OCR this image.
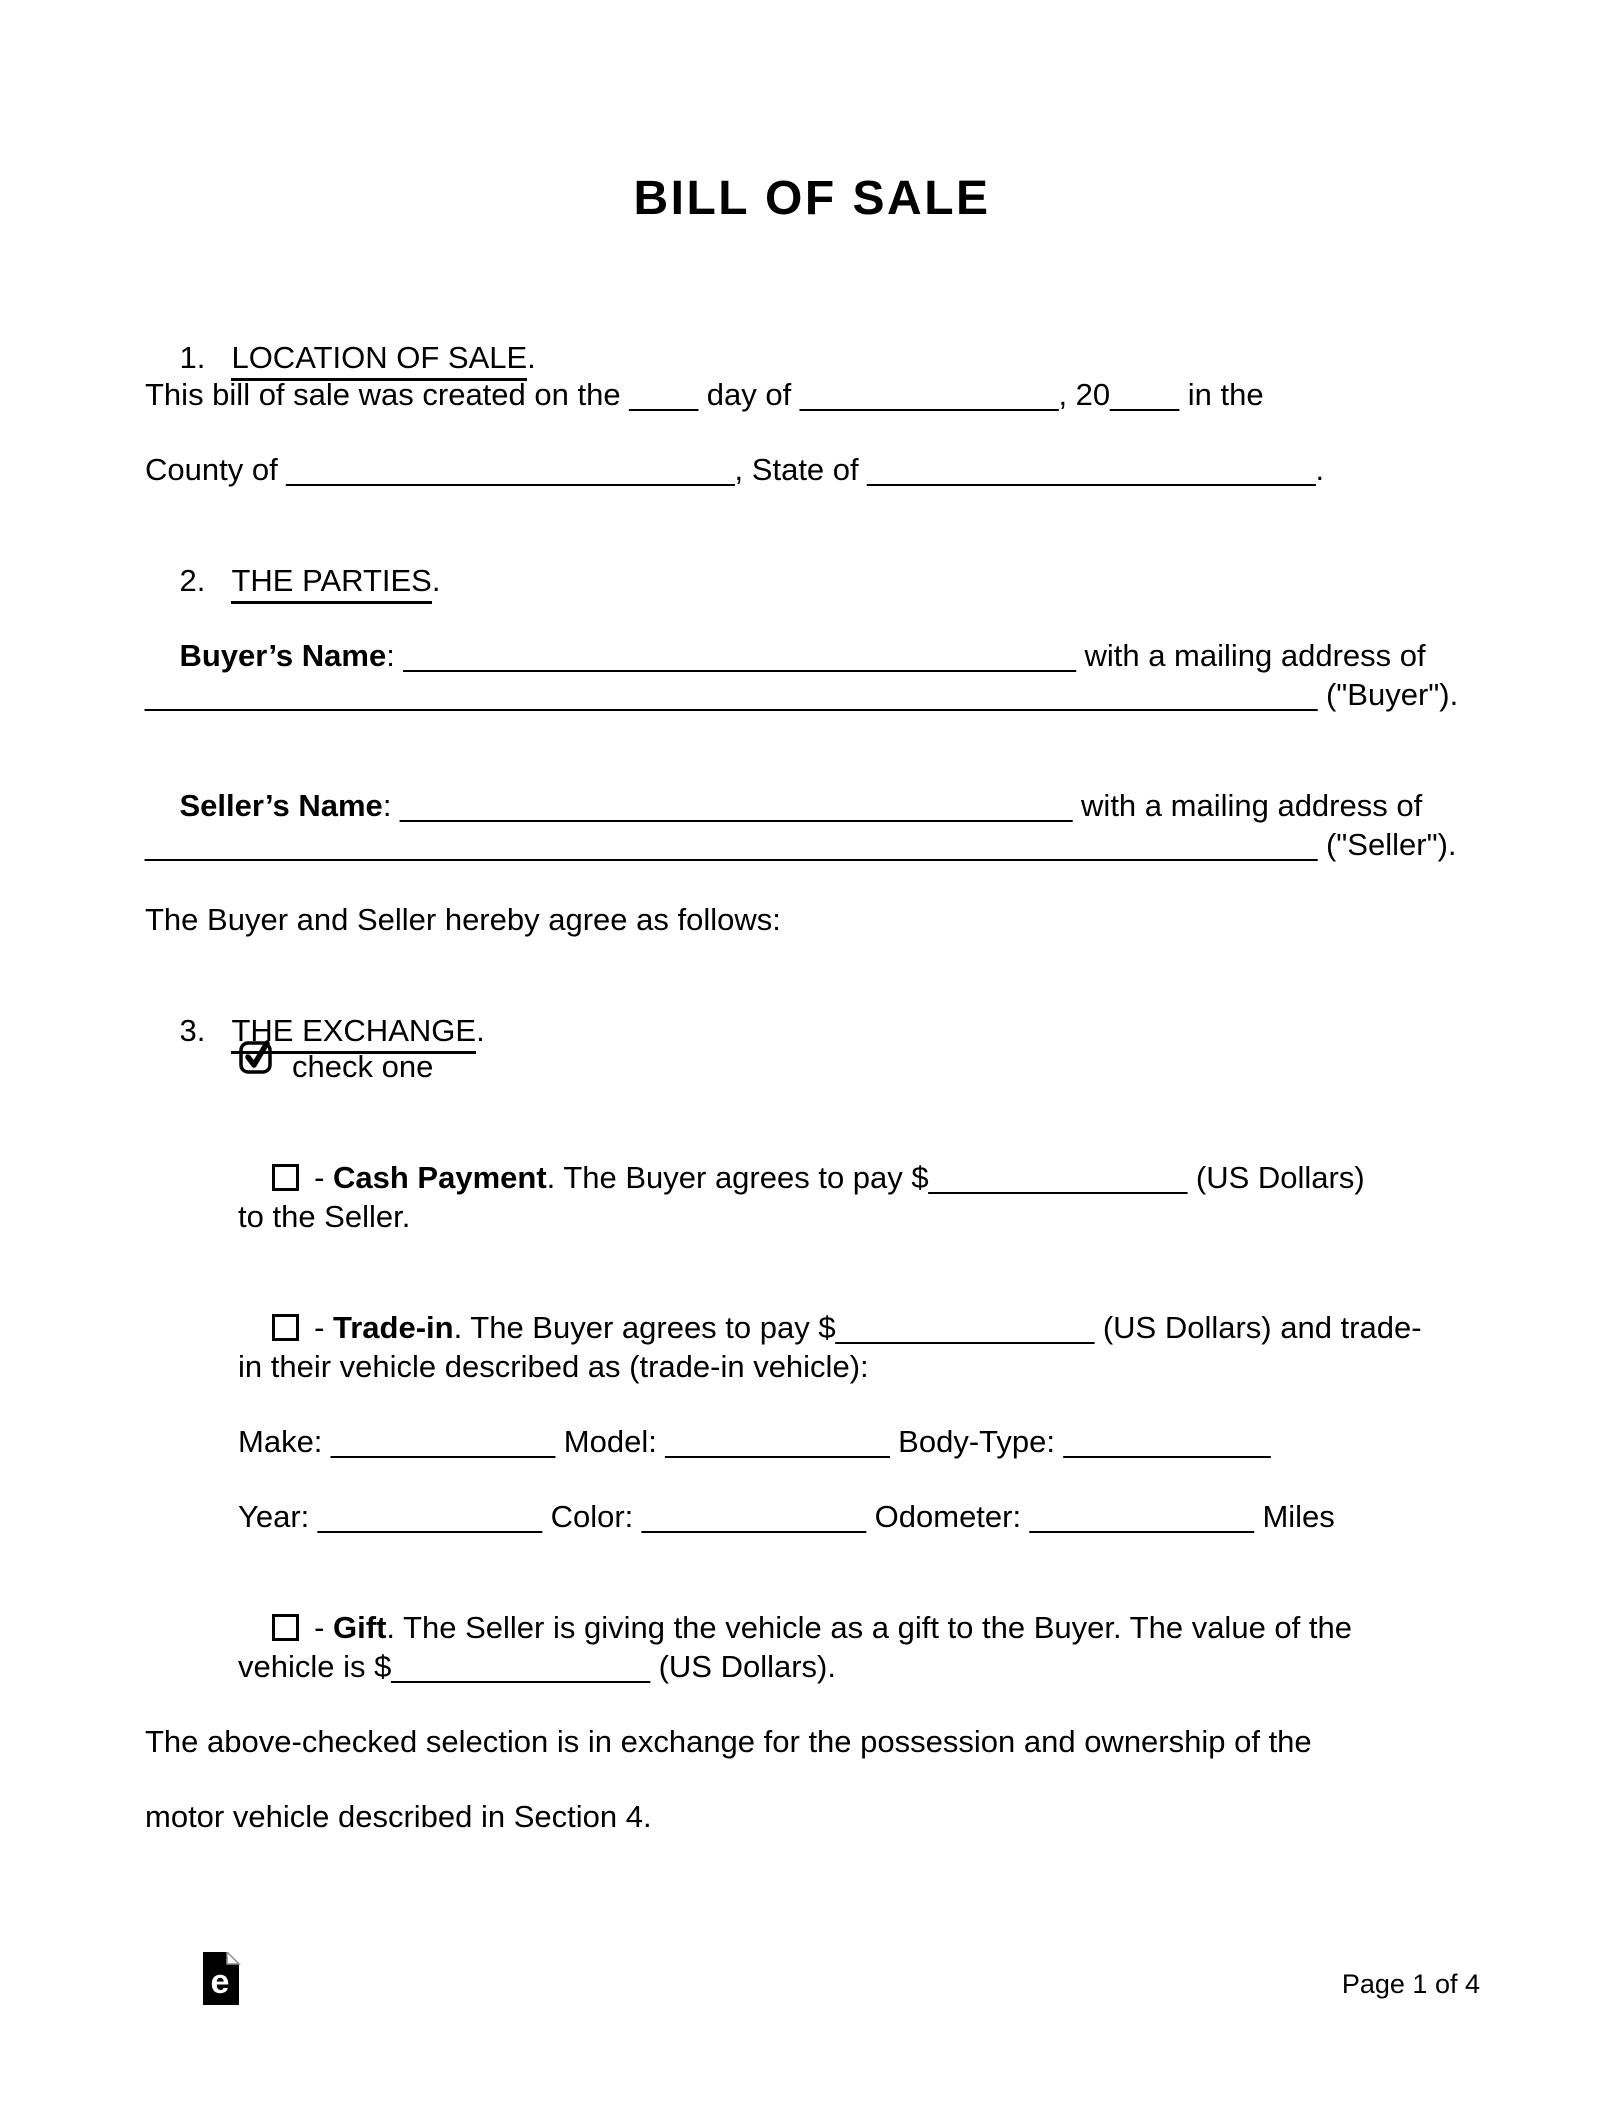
BILL OF SALE

1. LOCATION OF SALE.

This bill of sale was created on the ____ day of _______________, 20____ in the
County of __________________________, State of __________________________.

2. THE PARTIES.

Buyer’s Name: _______________________________________ with a mailing address of

____________________________________________________________________ ("Buyer").

Seller’s Name: _______________________________________ with a mailing address of

____________________________________________________________________ ("Seller").
The Buyer and Seller hereby agree as follows:

3. THE EXCHANGE.

check one

- Cash Payment. The Buyer agrees to pay $_______________ (US Dollars)

to the Seller.

- Trade-in. The Buyer agrees to pay $_______________ (US Dollars) and trade-

in their vehicle described as (trade-in vehicle):
Make: _____________ Model: _____________ Body-Type: ____________
Year: _____________ Color: _____________ Odometer: _____________ Miles

- Gift. The Seller is giving the vehicle as a gift to the Buyer. The value of the

vehicle is $_______________ (US Dollars).
The above-checked selection is in exchange for the possession and ownership of the
motor vehicle described in Section 4.
e	Page 1 of 4
